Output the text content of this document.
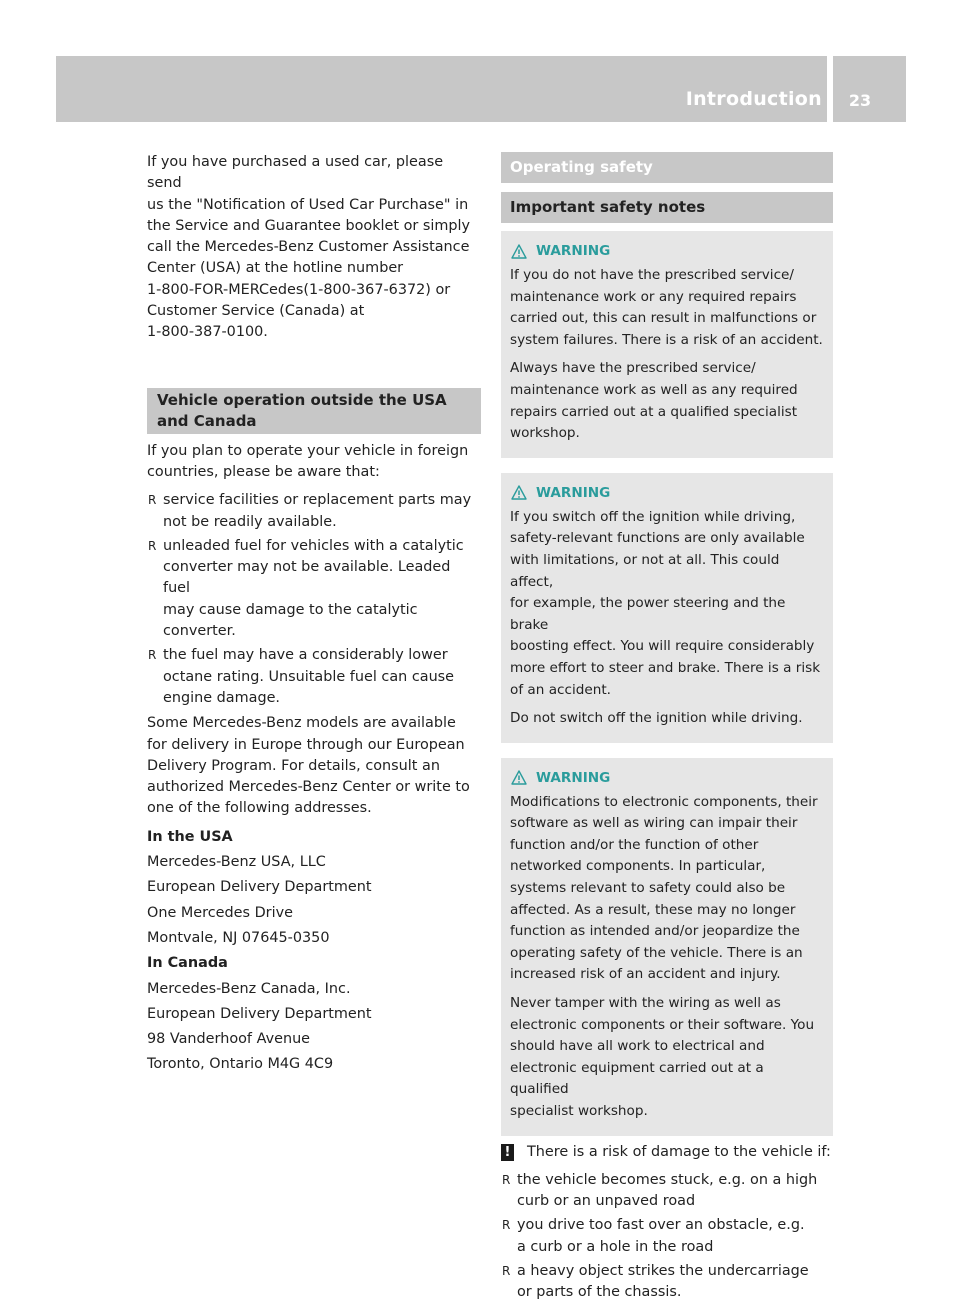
Introduction	23

If you have purchased a used car, please send
us the "Notification of Used Car Purchase" in
the Service and Guarantee booklet or simply
call the Mercedes-Benz Customer Assistance
Center (USA) at the hotline number
1-800-FOR-MERCedes(1-800-367-6372) or
Customer Service (Canada) at
1-800-387-0100.

Vehicle operation outside the USA
and Canada

If you plan to operate your vehicle in foreign
countries, please be aware that:

R service facilities or replacement parts may
not be readily available.
R unleaded fuel for vehicles with a catalytic
converter may not be available. Leaded fuel
may cause damage to the catalytic
converter.
R the fuel may have a considerably lower
octane rating. Unsuitable fuel can cause
engine damage.

Some Mercedes-Benz models are available
for delivery in Europe through our European
Delivery Program. For details, consult an
authorized Mercedes-Benz Center or write to
one of the following addresses.

In the USA

Mercedes-Benz USA, LLC

European Delivery Department

One Mercedes Drive

Montvale, NJ 07645-0350

In Canada

Mercedes-Benz Canada, Inc.

European Delivery Department

98 Vanderhoof Avenue

Toronto, Ontario M4G 4C9

Operating safety
Important safety notes
WARNING

If you do not have the prescribed service/
maintenance work or any required repairs
carried out, this can result in malfunctions or
system failures. There is a risk of an accident.

Always have the prescribed service/
maintenance work as well as any required
repairs carried out at a qualified specialist
workshop.

WARNING

If you switch off the ignition while driving,
safety-relevant functions are only available
with limitations, or not at all. This could affect,
for example, the power steering and the brake
boosting effect. You will require considerably
more effort to steer and brake. There is a risk
of an accident.

Do not switch off the ignition while driving.

WARNING

Modifications to electronic components, their
software as well as wiring can impair their
function and/or the function of other
networked components. In particular,
systems relevant to safety could also be
affected. As a result, these may no longer
function as intended and/or jeopardize the
operating safety of the vehicle. There is an
increased risk of an accident and injury.

Never tamper with the wiring as well as
electronic components or their software. You
should have all work to electrical and
electronic equipment carried out at a qualified
specialist workshop.

! There is a risk of damage to the vehicle if:

R the vehicle becomes stuck, e.g. on a high
curb or an unpaved road
R you drive too fast over an obstacle, e.g.
a curb or a hole in the road
R a heavy object strikes the undercarriage
or parts of the chassis.
